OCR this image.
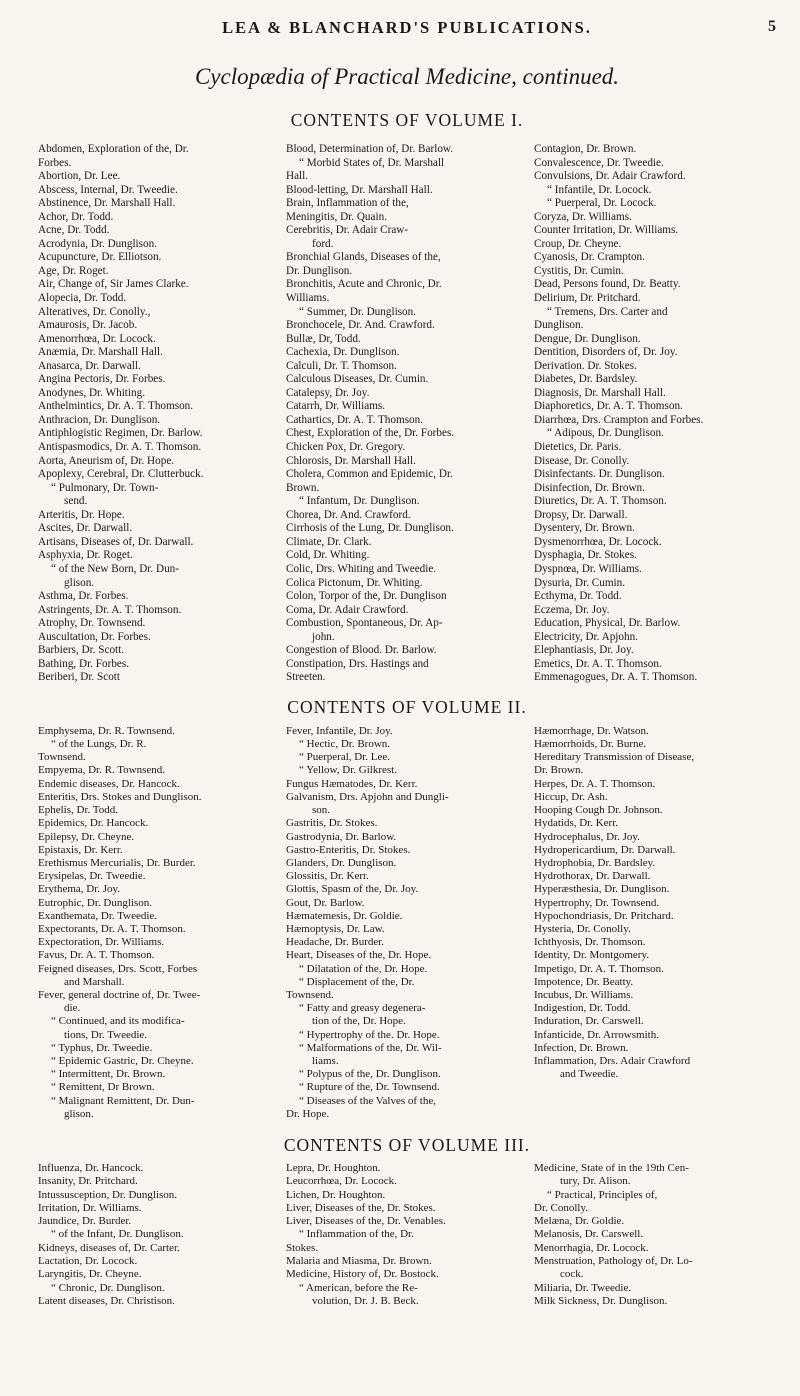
LEA & BLANCHARD'S PUBLICATIONS.	5
Cyclopædia of Practical Medicine, continued.
CONTENTS OF VOLUME I.
Abdomen, Exploration of the, Dr.
Forbes.
Abortion, Dr. Lee.
Abscess, Internal, Dr. Tweedie.
Abstinence, Dr. Marshall Hall.
Achor, Dr. Todd.
Acne, Dr. Todd.
Acrodynia, Dr. Dunglison.
Acupuncture, Dr. Elliotson.
Age, Dr. Roget.
Air, Change of, Sir James Clarke.
Alopecia, Dr. Todd.
Alteratives, Dr. Conolly.,
Amaurosis, Dr. Jacob.
Amenorrhœa, Dr. Locock.
Anæmia, Dr. Marshall Hall.
Anasarca, Dr. Darwall.
Angina Pectoris, Dr. Forbes.
Anodynes, Dr. Whiting.
Anthelmintics, Dr. A. T. Thomson.
Anthracion, Dr. Dunglison.
Antiphlogistic Regimen, Dr. Barlow.
Antispasmodics, Dr. A. T. Thomson.
Aorta, Aneurism of, Dr. Hope.
Apoplexy, Cerebral, Dr. Clutterbuck.
“ Pulmonary, Dr. Town-
send.
Arteritis, Dr. Hope.
Ascites, Dr. Darwall.
Artisans, Diseases of, Dr. Darwall.
Asphyxia, Dr. Roget.
“ of the New Born, Dr. Dun-
glison.
Asthma, Dr. Forbes.
Astringents, Dr. A. T. Thomson.
Atrophy, Dr. Townsend.
Auscultation, Dr. Forbes.
Barbiers, Dr. Scott.
Bathing, Dr. Forbes.
Beriberi, Dr. Scott
Blood, Determination of, Dr. Barlow.
“ Morbid States of, Dr. Marshall
Hall.
Blood-letting, Dr. Marshall Hall.
Brain, Inflammation of the,
Meningitis, Dr. Quain.
Cerebritis, Dr. Adair Craw-
ford.
Bronchial Glands, Diseases of the,
Dr. Dunglison.
Bronchitis, Acute and Chronic, Dr.
Williams.
“ Summer, Dr. Dunglison.
Bronchocele, Dr. And. Crawford.
Bullæ, Dr, Todd.
Cachexia, Dr. Dunglison.
Calculi, Dr. T. Thomson.
Calculous Diseases, Dr. Cumin.
Catalepsy, Dr. Joy.
Catarrh, Dr. Williams.
Cathartics, Dr. A. T. Thomson.
Chest, Exploration of the, Dr. Forbes.
Chicken Pox, Dr. Gregory.
Chlorosis, Dr. Marshall Hall.
Cholera, Common and Epidemic, Dr.
Brown.
“ Infantum, Dr. Dunglison.
Chorea, Dr. And. Crawford.
Cirrhosis of the Lung, Dr. Dunglison.
Climate, Dr. Clark.
Cold, Dr. Whiting.
Colic, Drs. Whiting and Tweedie.
Colica Pictonum, Dr. Whiting.
Colon, Torpor of the, Dr. Dunglison
Coma, Dr. Adair Crawford.
Combustion, Spontaneous, Dr. Ap-
john.
Congestion of Blood. Dr. Barlow.
Constipation, Drs. Hastings and
Streeten.
Contagion, Dr. Brown.
Convalescence, Dr. Tweedie.
Convulsions, Dr. Adair Crawford.
“ Infantile, Dr. Locock.
“ Puerperal, Dr. Locock.
Coryza, Dr. Williams.
Counter Irritation, Dr. Williams.
Croup, Dr. Cheyne.
Cyanosis, Dr. Crampton.
Cystitis, Dr. Cumin.
Dead, Persons found, Dr. Beatty.
Delirium, Dr. Pritchard.
“ Tremens, Drs. Carter and
Dunglison.
Dengue, Dr. Dunglison.
Dentition, Disorders of, Dr. Joy.
Derivation. Dr. Stokes.
Diabetes, Dr. Bardsley.
Diagnosis, Dr. Marshall Hall.
Diaphoretics, Dr. A. T. Thomson.
Diarrhœa, Drs. Crampton and Forbes.
“ Adipous, Dr. Dunglison.
Dietetics, Dr. Paris.
Disease, Dr. Conolly.
Disinfectants. Dr. Dunglison.
Disinfection, Dr. Brown.
Diuretics, Dr. A. T. Thomson.
Dropsy, Dr. Darwall.
Dysentery, Dr. Brown.
Dysmenorrhœa, Dr. Locock.
Dysphagia, Dr. Stokes.
Dyspnœa, Dr. Williams.
Dysuria, Dr. Cumin.
Ecthyma, Dr. Todd.
Eczema, Dr. Joy.
Education, Physical, Dr. Barlow.
Electricity, Dr. Apjohn.
Elephantiasis, Dr. Joy.
Emetics, Dr. A. T. Thomson.
Emmenagogues, Dr. A. T. Thomson.
CONTENTS OF VOLUME II.
Emphysema, Dr. R. Townsend.
“ of the Lungs, Dr. R.
Townsend.
Empyema, Dr. R. Townsend.
Endemic diseases, Dr. Hancock.
Enteritis, Drs. Stokes and Dunglison.
Ephelis, Dr. Todd.
Epidemics, Dr. Hancock.
Epilepsy, Dr. Cheyne.
Epistaxis, Dr. Kerr.
Erethismus Mercurialis, Dr. Burder.
Erysipelas, Dr. Tweedie.
Erythema, Dr. Joy.
Eutrophic, Dr. Dunglison.
Exanthemata, Dr. Tweedie.
Expectorants, Dr. A. T. Thomson.
Expectoration, Dr. Williams.
Favus, Dr. A. T. Thomson.
Feigned diseases, Drs. Scott, Forbes
and Marshall.
Fever, general doctrine of, Dr. Twee-
die.
“ Continued, and its modifica-
tions, Dr. Tweedie.
“ Typhus, Dr. Tweedie.
“ Epidemic Gastric, Dr. Cheyne.
“ Intermittent, Dr. Brown.
“ Remittent, Dr Brown.
“ Malignant Remittent, Dr. Dun-
glison.
Fever, Infantile, Dr. Joy.
“ Hectic, Dr. Brown.
“ Puerperal, Dr. Lee.
“ Yellow, Dr. Gilkrest.
Fungus Hæmatodes, Dr. Kerr.
Galvanism, Drs. Apjohn and Dungli-
son.
Gastritis, Dr. Stokes.
Gastrodynia, Dr. Barlow.
Gastro-Enteritis, Dr. Stokes.
Glanders, Dr. Dunglison.
Glossitis, Dr. Kerr.
Glottis, Spasm of the, Dr. Joy.
Gout, Dr. Barlow.
Hæmatemesis, Dr. Goldie.
Hæmoptysis, Dr. Law.
Headache, Dr. Burder.
Heart, Diseases of the, Dr. Hope.
“ Dilatation of the, Dr. Hope.
“ Displacement of the, Dr.
Townsend.
“ Fatty and greasy degenera-
tion of the, Dr. Hope.
“ Hypertrophy of the. Dr. Hope.
“ Malformations of the, Dr. Wil-
liams.
“ Polypus of the, Dr. Dunglison.
“ Rupture of the, Dr. Townsend.
“ Diseases of the Valves of the,
Dr. Hope.
Hæmorrhage, Dr. Watson.
Hæmorrhoids, Dr. Burne.
Hereditary Transmission of Disease,
Dr. Brown.
Herpes, Dr. A. T. Thomson.
Hiccup, Dr. Ash.
Hooping Cough Dr. Johnson.
Hydatids, Dr. Kerr.
Hydrocephalus, Dr. Joy.
Hydropericardium, Dr. Darwall.
Hydrophobia, Dr. Bardsley.
Hydrothorax, Dr. Darwall.
Hyperæsthesia, Dr. Dunglison.
Hypertrophy, Dr. Townsend.
Hypochondriasis, Dr. Pritchard.
Hysteria, Dr. Conolly.
Ichthyosis, Dr. Thomson.
Identity, Dr. Montgomery.
Impetigo, Dr. A. T. Thomson.
Impotence, Dr. Beatty.
Incubus, Dr. Williams.
Indigestion, Dr. Todd.
Induration, Dr. Carswell.
Infanticide, Dr. Arrowsmith.
Infection, Dr. Brown.
Inflammation, Drs. Adair Crawford
and Tweedie.
CONTENTS OF VOLUME III.
Influenza, Dr. Hancock.
Insanity, Dr. Pritchard.
Intussusception, Dr. Dunglison.
Irritation, Dr. Williams.
Jaundice, Dr. Burder.
“ of the Infant, Dr. Dunglison.
Kidneys, diseases of, Dr. Carter.
Lactation, Dr. Locock.
Laryngitis, Dr. Cheyne.
“ Chronic, Dr. Dunglison.
Latent diseases, Dr. Christison.
Lepra, Dr. Houghton.
Leucorrhœa, Dr. Locock.
Lichen, Dr. Houghton.
Liver, Diseases of the, Dr. Stokes.
Liver, Diseases of the, Dr. Venables.
“ Inflammation of the, Dr.
Stokes.
Malaria and Miasma, Dr. Brown.
Medicine, History of, Dr. Bostock.
“ American, before the Re-
volution, Dr. J. B. Beck.
Medicine, State of in the 19th Cen-
tury, Dr. Alison.
“ Practical, Principles of,
Dr. Conolly.
Melæna, Dr. Goldie.
Melanosis, Dr. Carswell.
Menorrhagia, Dr. Locock.
Menstruation, Pathology of, Dr. Lo-
cock.
Miliaria, Dr. Tweedie.
Milk Sickness, Dr. Dunglison.
